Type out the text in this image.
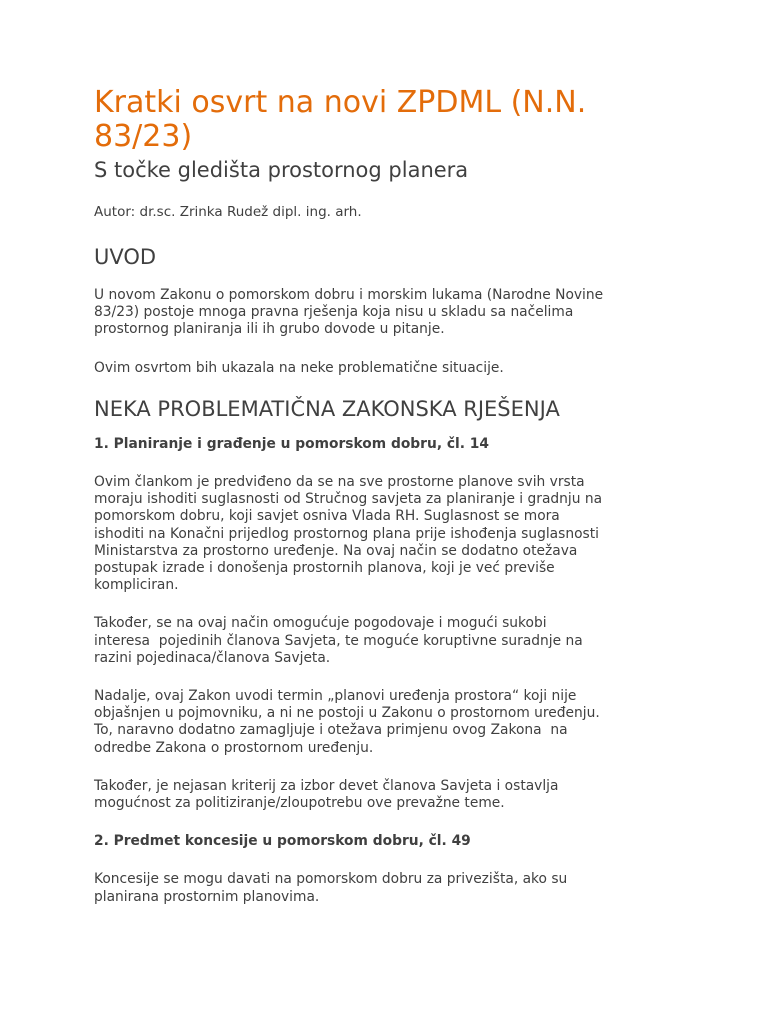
Kratki osvrt na novi ZPDML (N.N. 83/23)
S točke gledišta prostornog planera

Autor: dr.sc. Zrinka Rudež dipl. ing. arh.

UVOD

U novom Zakonu o pomorskom dobru i morskim lukama (Narodne Novine
83/23) postoje mnoga pravna rješenja koja nisu u skladu sa načelima
prostornog planiranja ili ih grubo dovode u pitanje.

Ovim osvrtom bih ukazala na neke problematične situacije.

NEKA PROBLEMATIČNA ZAKONSKA RJEŠENJA

1. Planiranje i građenje u pomorskom dobru, čl. 14

Ovim člankom je predviđeno da se na sve prostorne planove svih vrsta
moraju ishoditi suglasnosti od Stručnog savjeta za planiranje i gradnju na
pomorskom dobru, koji savjet osniva Vlada RH. Suglasnost se mora
ishoditi na Konačni prijedlog prostornog plana prije ishođenja suglasnosti
Ministarstva za prostorno uređenje. Na ovaj način se dodatno otežava
postupak izrade i donošenja prostornih planova, koji je već previše
kompliciran.

Također, se na ovaj način omogućuje pogodovaje i mogući sukobi
interesa  pojedinih članova Savjeta, te moguće koruptivne suradnje na
razini pojedinaca/članova Savjeta.

Nadalje, ovaj Zakon uvodi termin „planovi uređenja prostora“ koji nije
objašnjen u pojmovniku, a ni ne postoji u Zakonu o prostornom uređenju.
To, naravno dodatno zamagljuje i otežava primjenu ovog Zakona  na
odredbe Zakona o prostornom uređenju.

Također, je nejasan kriterij za izbor devet članova Savjeta i ostavlja
mogućnost za politiziranje/zloupotrebu ove prevažne teme.

2. Predmet koncesije u pomorskom dobru, čl. 49

Koncesije se mogu davati na pomorskom dobru za privezišta, ako su
planirana prostornim planovima.
